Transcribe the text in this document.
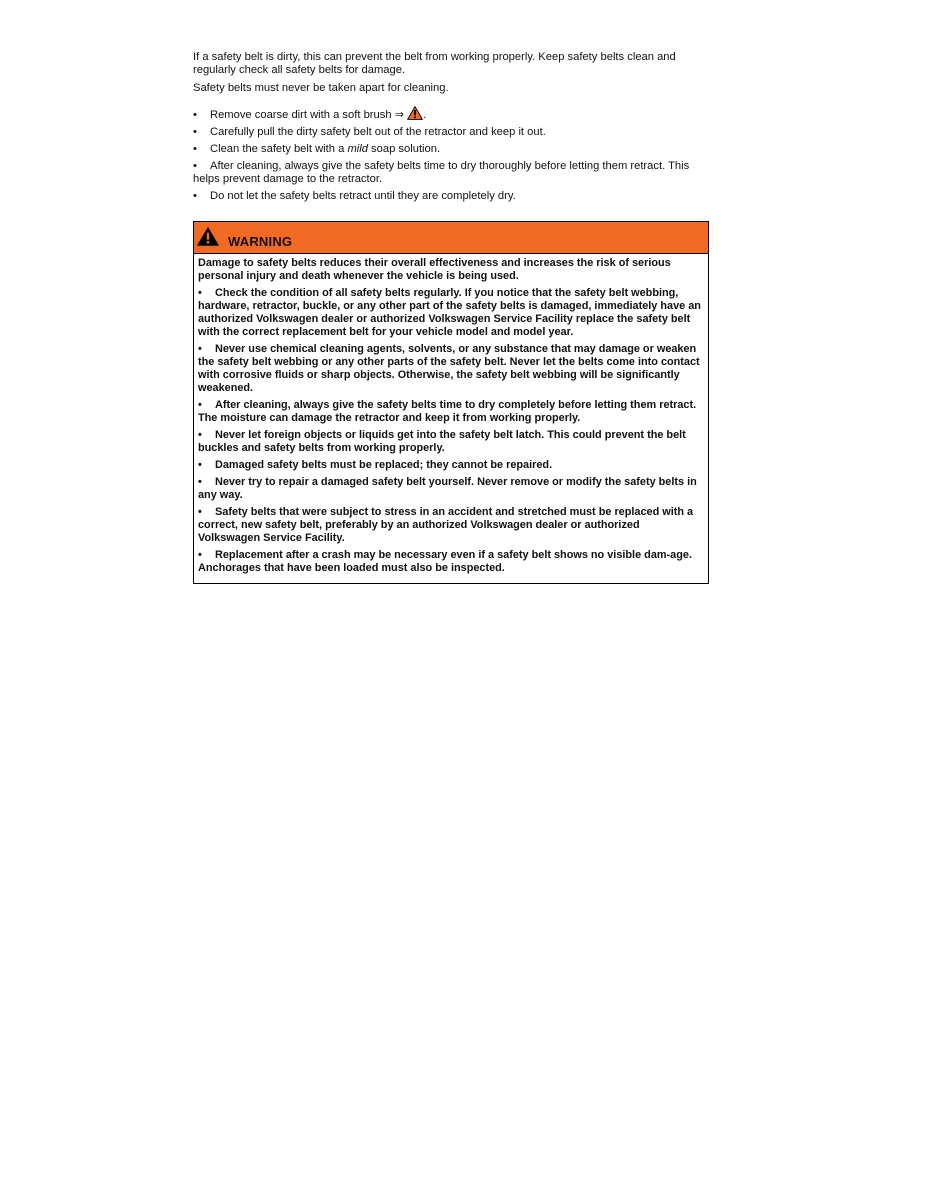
If a safety belt is dirty, this can prevent the belt from working properly. Keep safety belts clean and regularly check all safety belts for damage.

Safety belts must never be taken apart for cleaning.

• Remove coarse dirt with a soft brush ⇒ .
• Carefully pull the dirty safety belt out of the retractor and keep it out.
• Clean the safety belt with a mild soap solution.
• After cleaning, always give the safety belts time to dry thoroughly before letting them retract. This helps prevent damage to the retractor.
• Do not let the safety belts retract until they are completely dry.
WARNING

Damage to safety belts reduces their overall effectiveness and increases the risk of serious personal injury and death whenever the vehicle is being used.

• Check the condition of all safety belts regularly. If you notice that the safety belt webbing, hardware, retractor, buckle, or any other part of the safety belts is damaged, immediately have an authorized Volkswagen dealer or authorized Volkswagen Service Facility replace the safety belt with the correct replacement belt for your vehicle model and model year.

• Never use chemical cleaning agents, solvents, or any substance that may damage or weaken the safety belt webbing or any other parts of the safety belt. Never let the belts come into contact with corrosive fluids or sharp objects. Otherwise, the safety belt webbing will be significantly weakened.

• After cleaning, always give the safety belts time to dry completely before letting them retract. The moisture can damage the retractor and keep it from working properly.

• Never let foreign objects or liquids get into the safety belt latch. This could prevent the belt buckles and safety belts from working properly.

• Damaged safety belts must be replaced; they cannot be repaired.

• Never try to repair a damaged safety belt yourself. Never remove or modify the safety belts in any way.

• Safety belts that were subject to stress in an accident and stretched must be replaced with a correct, new safety belt, preferably by an authorized Volkswagen dealer or authorized Volkswagen Service Facility.

• Replacement after a crash may be necessary even if a safety belt shows no visible dam-age. Anchorages that have been loaded must also be inspected.
